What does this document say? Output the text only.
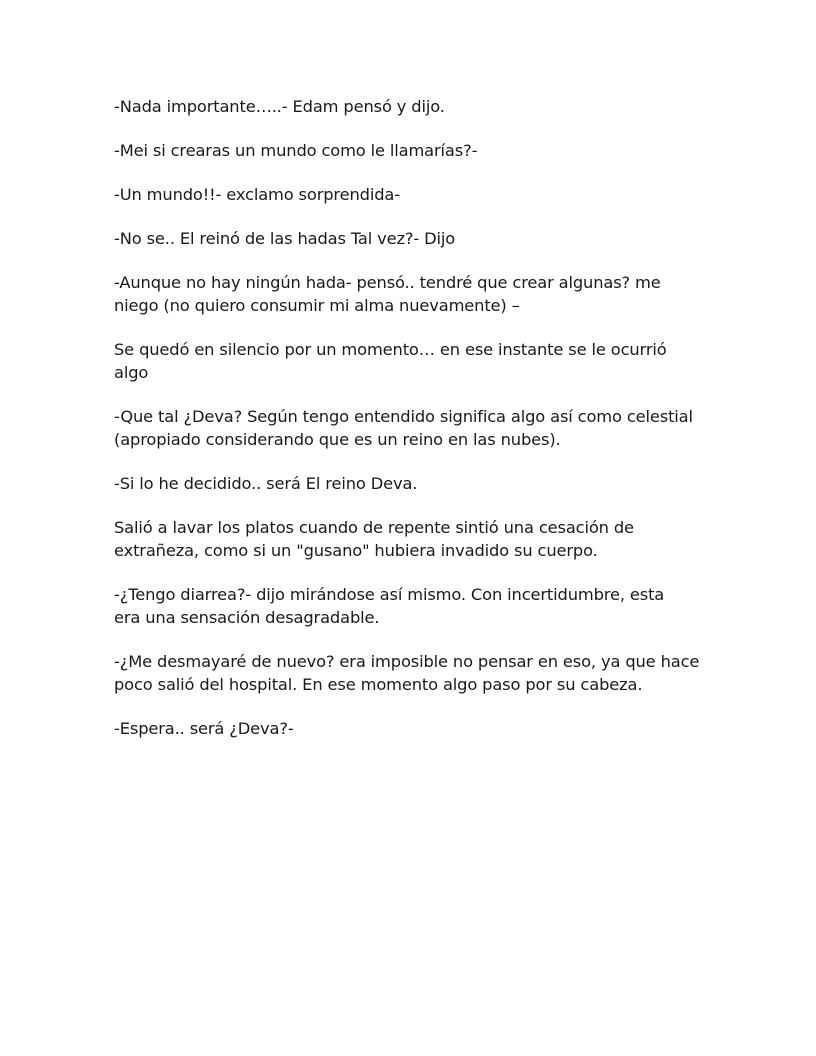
-Nada importante…..- Edam pensó y dijo.

-Mei si crearas un mundo como le llamarías?-

-Un mundo!!- exclamo sorprendida-

-No se.. El reinó de las hadas Tal vez?- Dijo

-Aunque no hay ningún hada- pensó.. tendré que crear algunas? me
niego (no quiero consumir mi alma nuevamente) –

Se quedó en silencio por un momento… en ese instante se le ocurrió
algo

-Que tal ¿Deva? Según tengo entendido significa algo así como celestial
(apropiado considerando que es un reino en las nubes).

-Si lo he decidido.. será El reino Deva.

Salió a lavar los platos cuando de repente sintió una cesación de
extrañeza, como si un "gusano" hubiera invadido su cuerpo.

-¿Tengo diarrea?- dijo mirándose así mismo. Con incertidumbre, esta
era una sensación desagradable.

-¿Me desmayaré de nuevo? era imposible no pensar en eso, ya que hace
poco salió del hospital. En ese momento algo paso por su cabeza.

-Espera.. será ¿Deva?-
